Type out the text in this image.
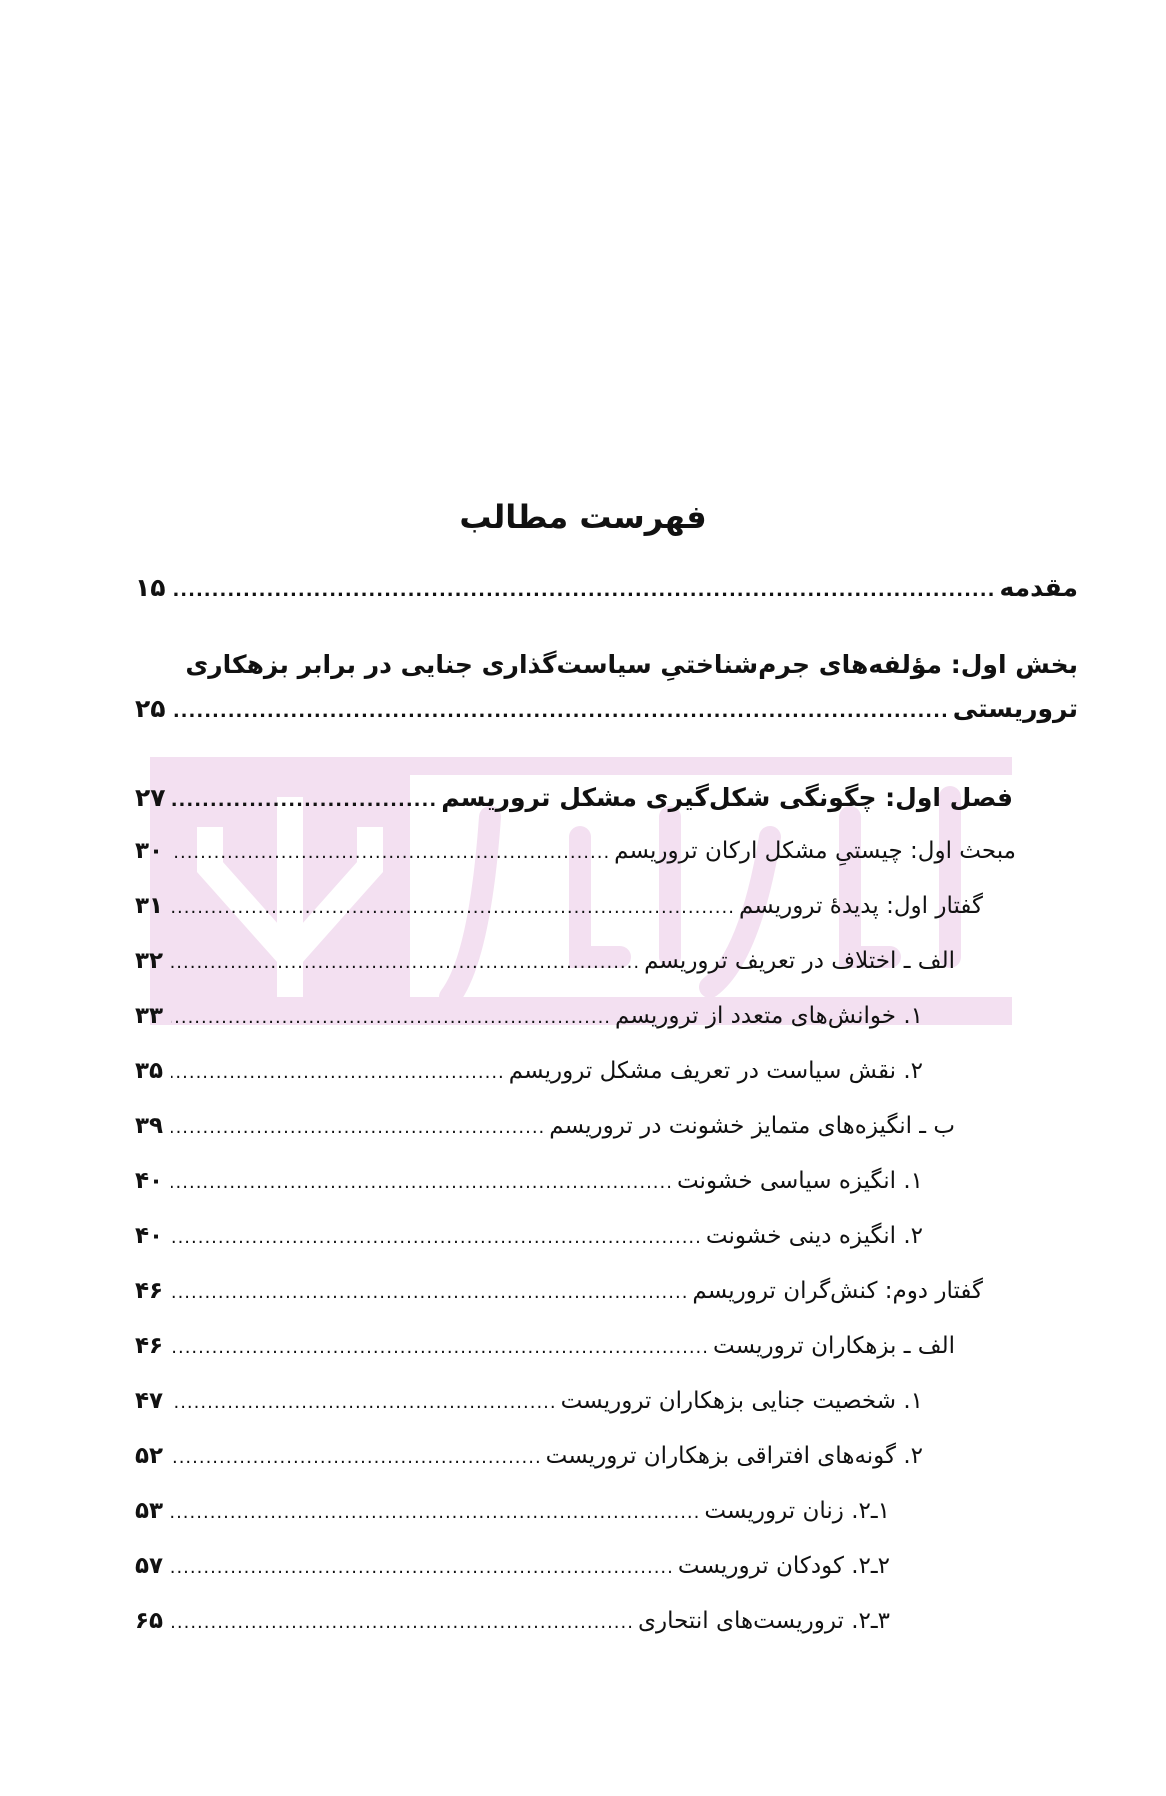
فهرست مطالب
مقدمه
.....
۱۵
بخش اول: مؤلفه‌های جرم‌شناختیِ سیاست‌گذاری جنایی در برابر بزهکاری
تروریستی
.....
۲۵
فصل اول: چگونگی شکل‌گیری مشکل تروریسم
.....
۲۷
مبحث اول: چیستیِ مشکل ارکان تروریسم
.....
۳۰
گفتار اول: پدیدهٔ تروریسم
.....
۳۱
الف ـ اختلاف در تعریف تروریسم
.....
۳۲
۱. خوانش‌های متعدد از تروریسم
.....
۳۳
۲. نقش سیاست در تعریف مشکل تروریسم
.....
۳۵
ب ـ انگیزه‌های متمایز خشونت در تروریسم
.....
۳۹
۱. انگیزه سیاسی خشونت
.....
۴۰
۲. انگیزه دینی خشونت
.....
۴۰
گفتار دوم: کنش‌گران تروریسم
.....
۴۶
الف ـ بزهکاران تروریست
.....
۴۶
۱. شخصیت جنایی بزهکاران تروریست
.....
۴۷
۲. گونه‌های افتراقی بزهکاران تروریست
.....
۵۲
۱ـ۲. زنان تروریست
.....
۵۳
۲ـ۲. کودکان تروریست
.....
۵۷
۳ـ۲. تروریست‌های انتحاری
.....
۶۵
